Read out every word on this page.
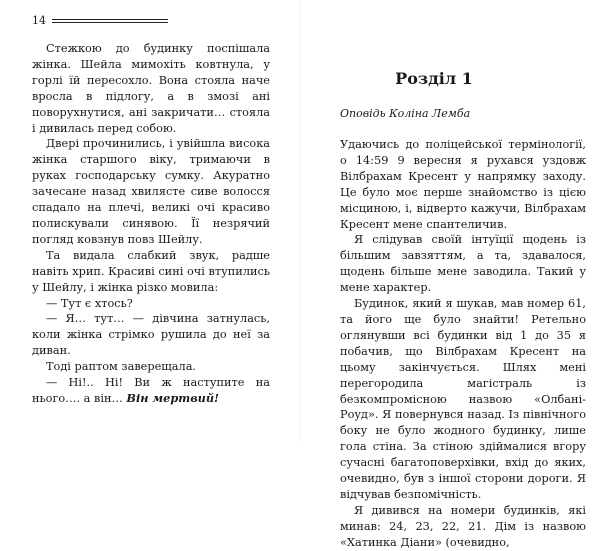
14

Стежкою до будинку поспішала жінка. Шейла мимохіть ковтнула, у горлі їй пересохло. Вона стояла наче вросла в підлогу, а в змозі ані поворухнутися, ані закричати… стояла і дивилась перед собою.

Двері прочинились, і увійшла висока жінка старшого віку, тримаючи в руках господарську сумку. Акуратно зачесане назад хвилясте сиве волосся спадало на плечі, великі очі красиво полискували синявою. Її незрячий погляд ковзнув повз Шейлу.

Та видала слабкий звук, радше навіть хрип. Красиві сині очі втупились у Шейлу, і жінка різко мовила:

— Тут є хтось?

— Я… тут… — дівчина затнулась, коли жінка стрімко рушила до неї за диван.

Тоді раптом заверещала.

— Ні!.. Ні! Ви ж наступите на нього…. а він… Він мертвий!

Розділ 1

Оповідь Коліна Лемба

Удаючись до поліцейської термінології, о 14:59 9 вересня я рухався уздовж Вілбрахам Кресент у напрямку заходу. Це було моє перше знайомство із цією місциною, і, відверто кажучи, Вілбрахам Кресент мене спантеличив.

Я слідував своїй інтуїції щодень із більшим завзяттям, а та, здавалося, щодень більше мене заводила. Такий у мене характер.

Будинок, який я шукав, мав номер 61, та його ще було знайти! Ретельно оглянувши всі будинки від 1 до 35 я побачив, що Вілбрахам Кресент на цьому закінчується. Шлях мені перегородила магістраль із безкомпромісною назвою «Олбані-Роуд». Я повернувся назад. Із північного боку не було жодного будинку, лише гола стіна. За стіною здіймалися вгору сучасні багатоповерхівки, вхід до яких, очевидно, був з іншої сторони дороги. Я відчував безпомічність.

Я дивився на номери будинків, які минав: 24, 23, 22, 21. Дім із назвою «Хатинка Діани» (очевидно,
